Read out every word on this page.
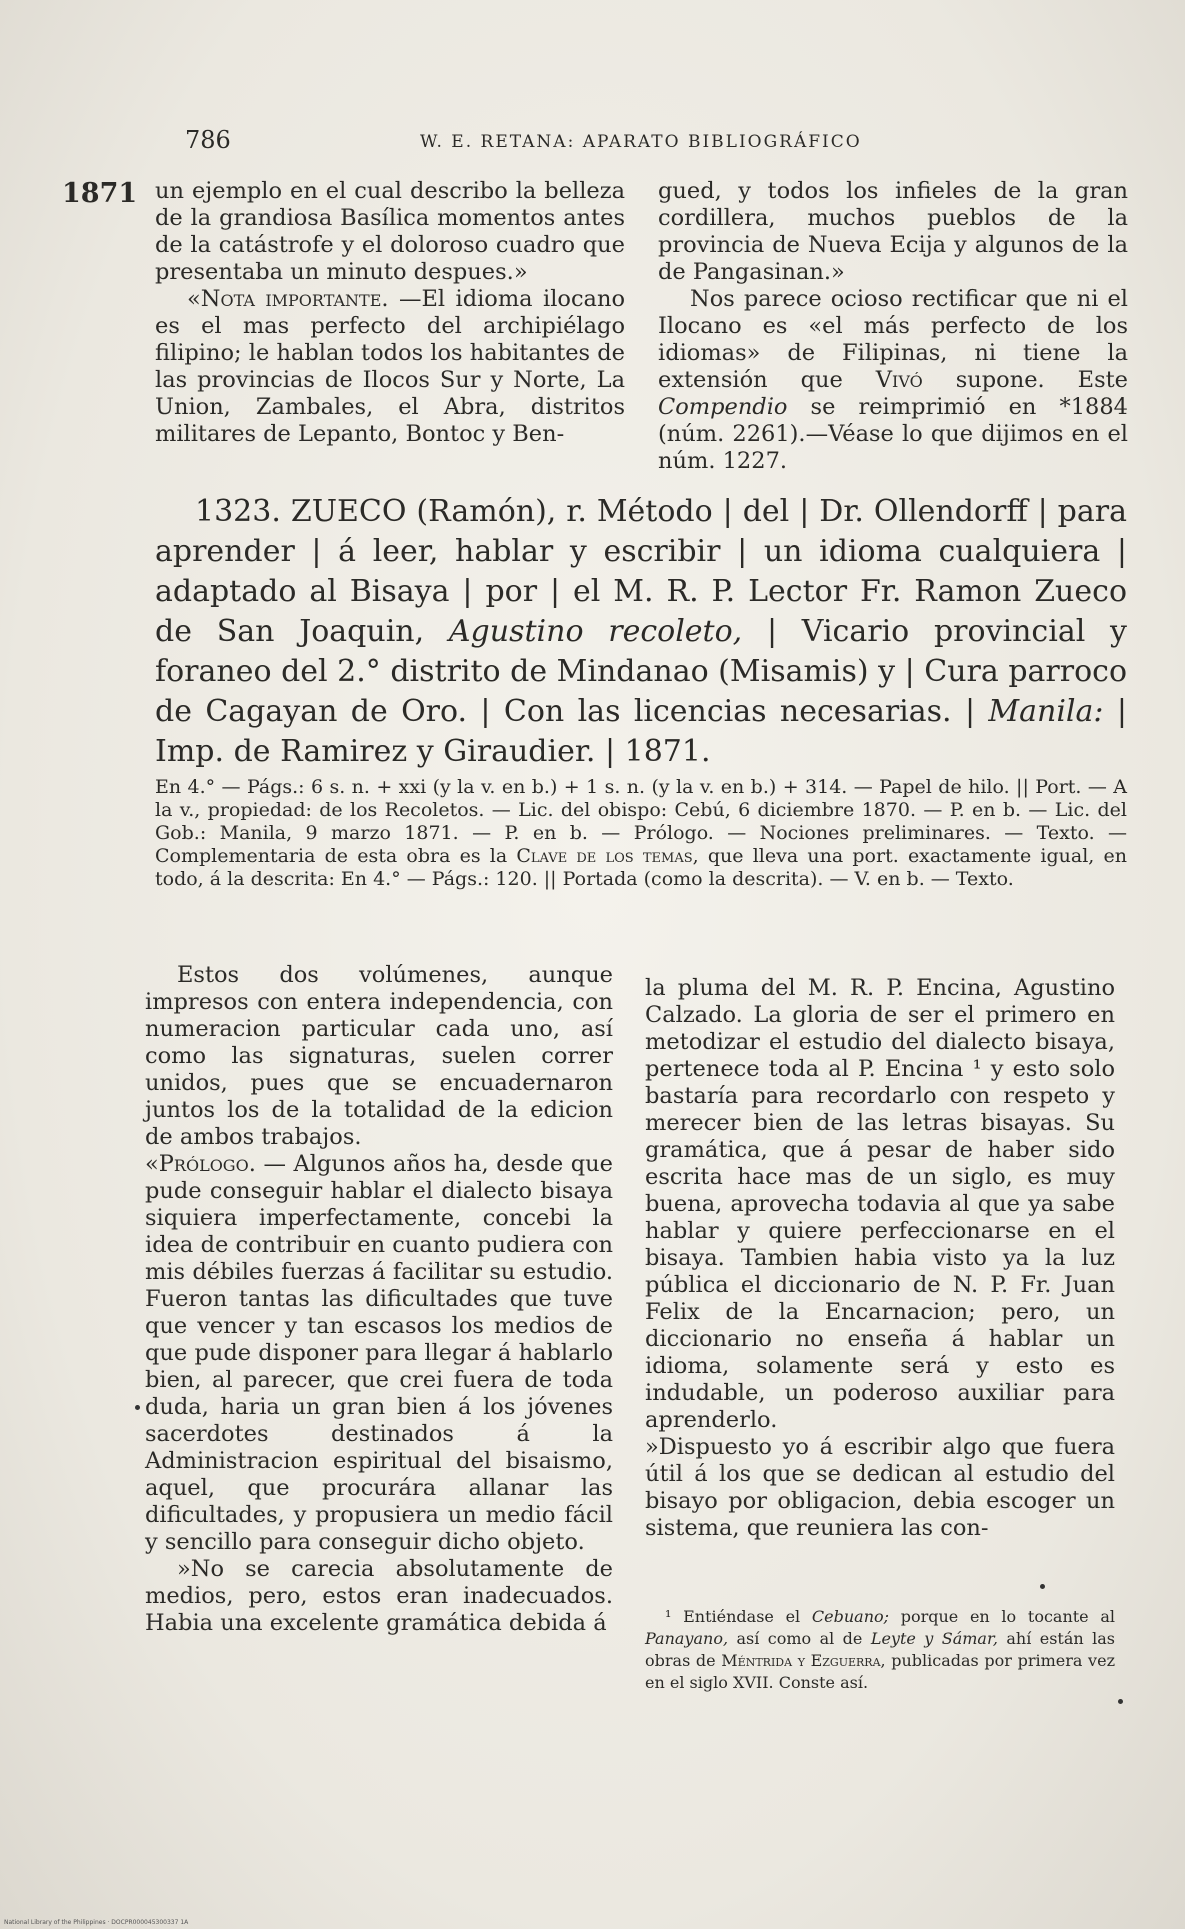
786	W. E. RETANA: APARATO BIBLIOGRÁFICO
1871 un ejemplo en el cual describo la belleza de la grandiosa Basílica momentos antes de la catástrofe y el doloroso cuadro que presentaba un minuto despues.»

«Nota importante. —El idioma ilocano es el mas perfecto del archipiélago filipino; le hablan todos los habitantes de las provincias de Ilocos Sur y Norte, La Union, Zambales, el Abra, distritos militares de Lepanto, Bontoc y Ben-

gued, y todos los infieles de la gran cordillera, muchos pueblos de la provincia de Nueva Ecija y algunos de la de Pangasinan.»

Nos parece ocioso rectificar que ni el Ilocano es «el más perfecto de los idiomas» de Filipinas, ni tiene la extensión que Vivó supone. Este Compendio se reimprimió en *1884 (núm. 2261).—Véase lo que dijimos en el núm. 1227.

1323. ZUECO (Ramón), r. Método | del | Dr. Ollendorff | para aprender | á leer, hablar y escribir | un idioma cualquiera | adaptado al Bisaya | por | el M. R. P. Lector Fr. Ramon Zueco de San Joaquin, Agustino recoleto, | Vicario provincial y foraneo del 2.° distrito de Mindanao (Misamis) y | Cura parroco de Cagayan de Oro. | Con las licencias necesarias. | Manila: | Imp. de Ramirez y Giraudier. | 1871.
En 4.° — Págs.: 6 s. n. + xxi (y la v. en b.) + 1 s. n. (y la v. en b.) + 314. — Papel de hilo. || Port. — A la v., propiedad: de los Recoletos. — Lic. del obispo: Cebú, 6 diciembre 1870. — P. en b. — Lic. del Gob.: Manila, 9 marzo 1871. — P. en b. — Prólogo. — Nociones preliminares. — Texto. — Complementaria de esta obra es la Clave de los temas, que lleva una port. exactamente igual, en todo, á la descrita: En 4.° — Págs.: 120. || Portada (como la descrita). — V. en b. — Texto.

Estos dos volúmenes, aunque impresos con entera independencia, con numeracion particular cada uno, así como las signaturas, suelen correr unidos, pues que se encuadernaron juntos los de la totalidad de la edicion de ambos trabajos.

«Prólogo. — Algunos años ha, desde que pude conseguir hablar el dialecto bisaya siquiera imperfectamente, concebi la idea de contribuir en cuanto pudiera con mis débiles fuerzas á facilitar su estudio. Fueron tantas las dificultades que tuve que vencer y tan escasos los medios de que pude disponer para llegar á hablarlo bien, al parecer, que crei fuera de toda duda, haria un gran bien á los jóvenes sacerdotes destinados á la Administracion espiritual del bisaismo, aquel, que procurára allanar las dificultades, y propusiera un medio fácil y sencillo para conseguir dicho objeto.

»No se carecia absolutamente de medios, pero, estos eran inadecuados. Habia una excelente gramática debida á

la pluma del M. R. P. Encina, Agustino Calzado. La gloria de ser el primero en metodizar el estudio del dialecto bisaya, pertenece toda al P. Encina ¹ y esto solo bastaría para recordarlo con respeto y merecer bien de las letras bisayas. Su gramática, que á pesar de haber sido escrita hace mas de un siglo, es muy buena, aprovecha todavia al que ya sabe hablar y quiere perfeccionarse en el bisaya. Tambien habia visto ya la luz pública el diccionario de N. P. Fr. Juan Felix de la Encarnacion; pero, un diccionario no enseña á hablar un idioma, solamente será y esto es indudable, un poderoso auxiliar para aprenderlo.

»Dispuesto yo á escribir algo que fuera útil á los que se dedican al estudio del bisayo por obligacion, debia escoger un sistema, que reuniera las con-

¹ Entiéndase el Cebuano; porque en lo tocante al Panayano, así como al de Leyte y Sámar, ahí están las obras de Méntrida y Ezguerra, publicadas por primera vez en el siglo XVII. Conste así.
National Library of the Philippines · DOCPR000045300337 1A
